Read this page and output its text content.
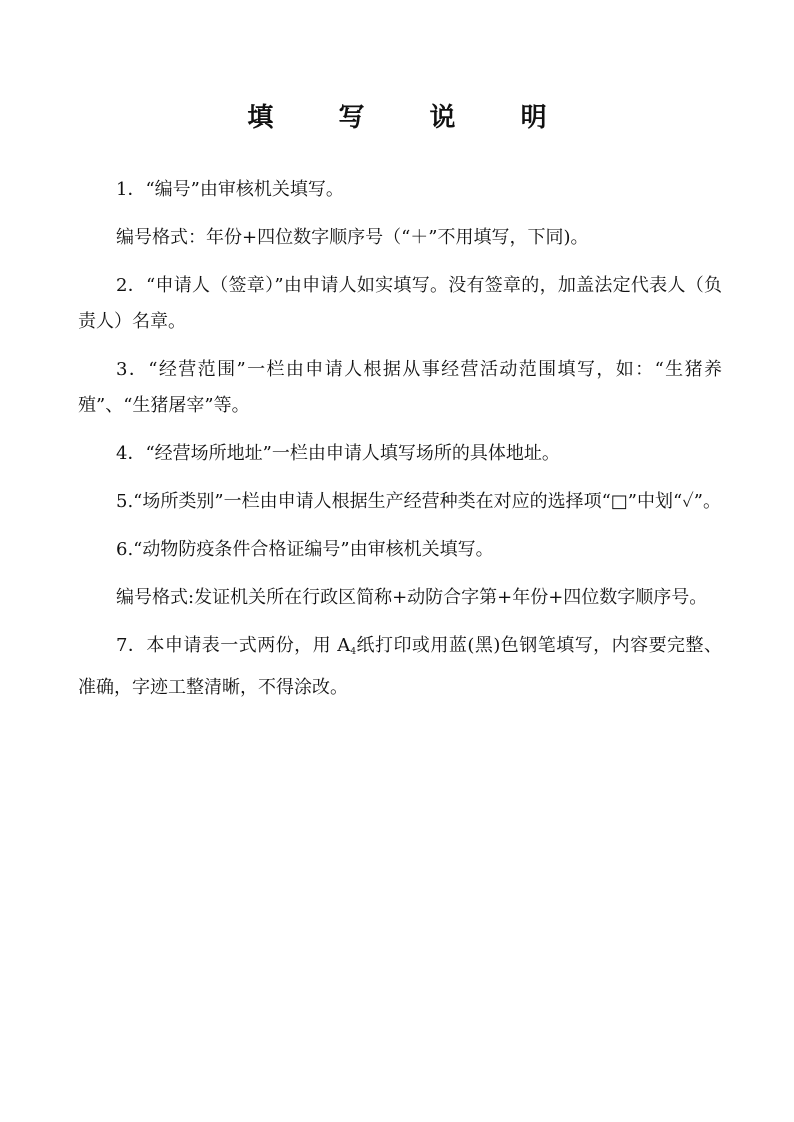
填 写 说 明

1．“编号”由审核机关填写。

编号格式：年份+四位数字顺序号（“＋”不用填写，下同)。

2．“申请人（签章）”由申请人如实填写。没有签章的，加盖法定代表人（负责人）名章。

3．“经营范围”一栏由申请人根据从事经营活动范围填写，如：“生猪养殖”、“生猪屠宰”等。

4．“经营场所地址”一栏由申请人填写场所的具体地址。

5.“场所类别”一栏由申请人根据生产经营种类在对应的选择项“□”中划“✓”。

6.“动物防疫条件合格证编号”由审核机关填写。

编号格式:发证机关所在行政区简称+动防合字第+年份+四位数字顺序号。

7．本申请表一式两份，用 $A_4$纸打印或用蓝(黑)色钢笔填写，内容要完整、准确，字迹工整清晰，不得涂改。
